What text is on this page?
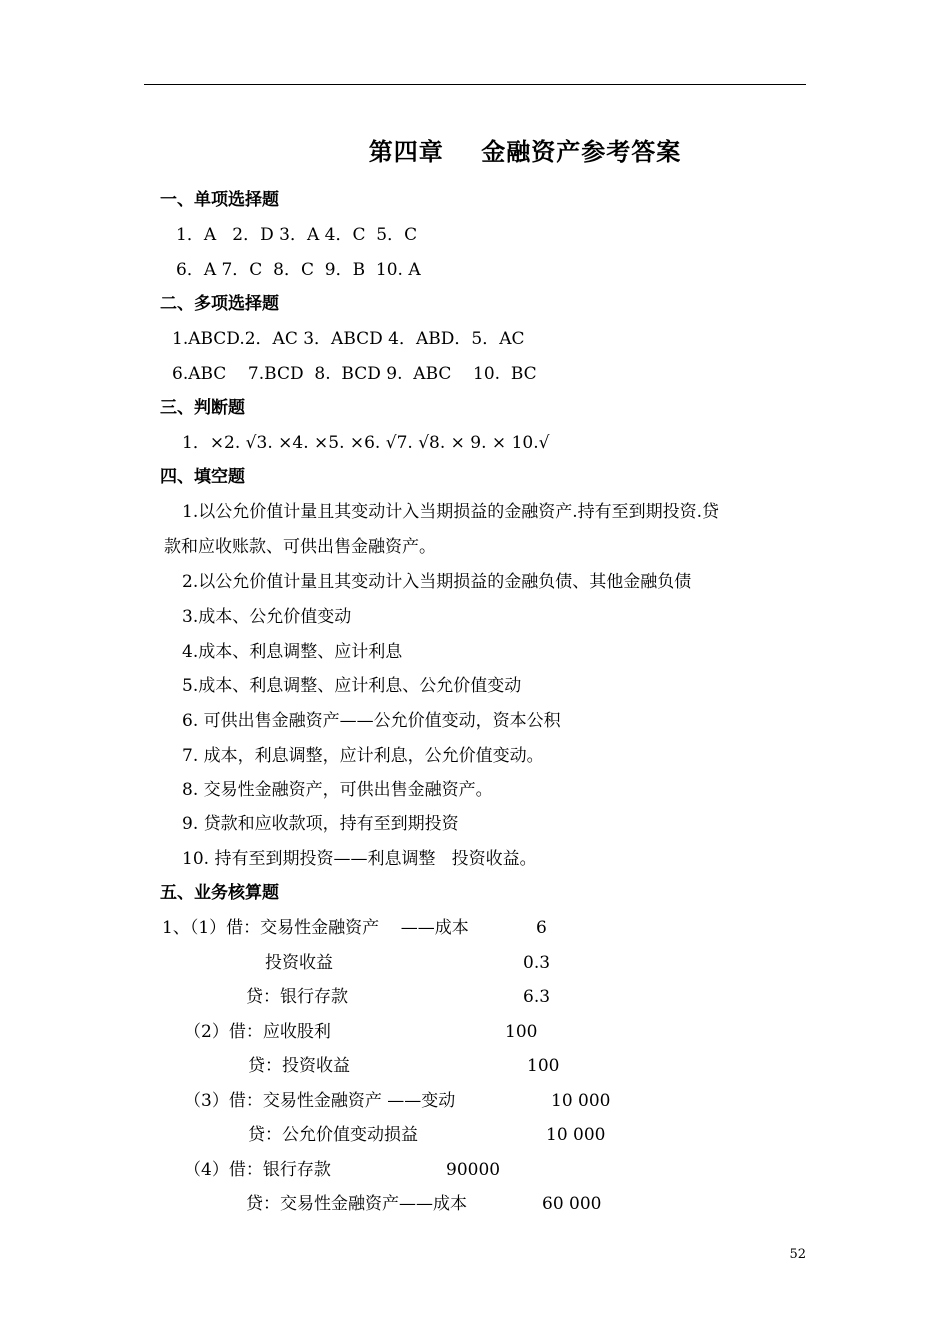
第四章    金融资产参考答案
一、单项选择题
1．A   2．D 3．A 4．C  5．C
6．A 7．C  8．C  9．B  10. A
二、多项选择题
1.ABCD.2．AC 3．ABCD 4．ABD．5．AC
6.ABC    7.BCD  8.  BCD 9.  ABC    10.  BC
三、判断题
1．×2. √3. ×4. ×5. ×6. √7. √8. × 9. × 10.√
四、填空题
1.以公允价值计量且其变动计入当期损益的金融资产.持有至到期投资.贷
款和应收账款、可供出售金融资产。
2.以公允价值计量且其变动计入当期损益的金融负债、其他金融负债
3.成本、公允价值变动
4.成本、利息调整、应计利息
5.成本、利息调整、应计利息、公允价值变动
6. 可供出售金融资产——公允价值变动，资本公积
7. 成本，利息调整，应计利息，公允价值变动。
8. 交易性金融资产，可供出售金融资产。
9. 贷款和应收款项，持有至到期投资
10. 持有至到期投资——利息调整   投资收益。
五、业务核算题
1、（1）借：交易性金融资产    ——成本	6
投资收益	0.3
贷：银行存款	6.3
（2）借：应收股利	100
贷：投资收益	100
（3）借：交易性金融资产 ——变动	10 000
贷：公允价值变动损益	10 000
（4）借：银行存款	90000
贷：交易性金融资产——成本	60 000
52
